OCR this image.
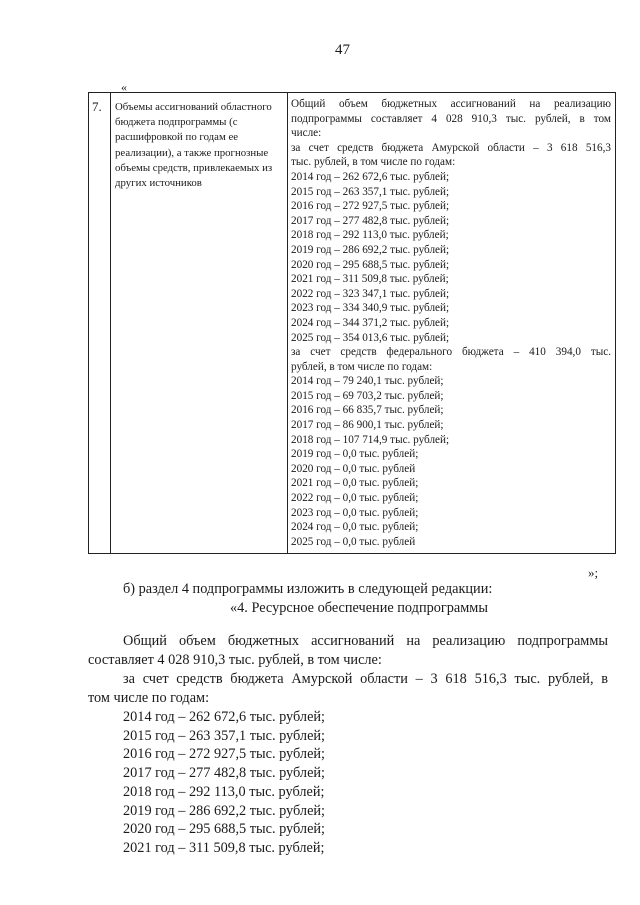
47
«
7.	Объемы ассигнований областного бюджета подпрограммы (с расшифровкой по годам ее реализации), а также прогнозные объемы средств, привлекаемых из других источников
Общий объем бюджетных ассигнований на реализацию
подпрограммы составляет 4 028 910,3 тыс. рублей, в том
числе:
за счет средств бюджета Амурской области – 3 618 516,3
тыс. рублей, в том числе по годам:
2014 год – 262 672,6 тыс. рублей;
2015 год – 263 357,1 тыс. рублей;
2016 год – 272 927,5 тыс. рублей;
2017 год – 277 482,8 тыс. рублей;
2018 год – 292 113,0 тыс. рублей;
2019 год – 286 692,2 тыс. рублей;
2020 год – 295 688,5 тыс. рублей;
2021 год – 311 509,8 тыс. рублей;
2022 год – 323 347,1 тыс. рублей;
2023 год – 334 340,9 тыс. рублей;
2024 год – 344 371,2 тыс. рублей;
2025 год – 354 013,6 тыс. рублей;
за счет средств федерального бюджета – 410 394,0 тыс.
рублей, в том числе по годам:
2014 год – 79 240,1 тыс. рублей;
2015 год – 69 703,2 тыс. рублей;
2016 год – 66 835,7 тыс. рублей;
2017 год – 86 900,1 тыс. рублей;
2018 год – 107 714,9 тыс. рублей;
2019 год – 0,0 тыс. рублей;
2020 год – 0,0 тыс. рублей
2021 год – 0,0 тыс. рублей;
2022 год – 0,0 тыс. рублей;
2023 год – 0,0 тыс. рублей;
2024 год – 0,0 тыс. рублей;
2025 год – 0,0 тыс. рублей
»;
б) раздел 4 подпрограммы изложить в следующей редакции:
«4. Ресурсное обеспечение подпрограммы
Общий объем бюджетных ассигнований на реализацию подпрограммы
составляет 4 028 910,3 тыс. рублей, в том числе:
за счет средств бюджета Амурской области – 3 618 516,3 тыс. рублей, в
том числе по годам:
2014 год – 262 672,6 тыс. рублей;
2015 год – 263 357,1 тыс. рублей;
2016 год – 272 927,5 тыс. рублей;
2017 год – 277 482,8 тыс. рублей;
2018 год – 292 113,0 тыс. рублей;
2019 год – 286 692,2 тыс. рублей;
2020 год – 295 688,5 тыс. рублей;
2021 год – 311 509,8 тыс. рублей;
